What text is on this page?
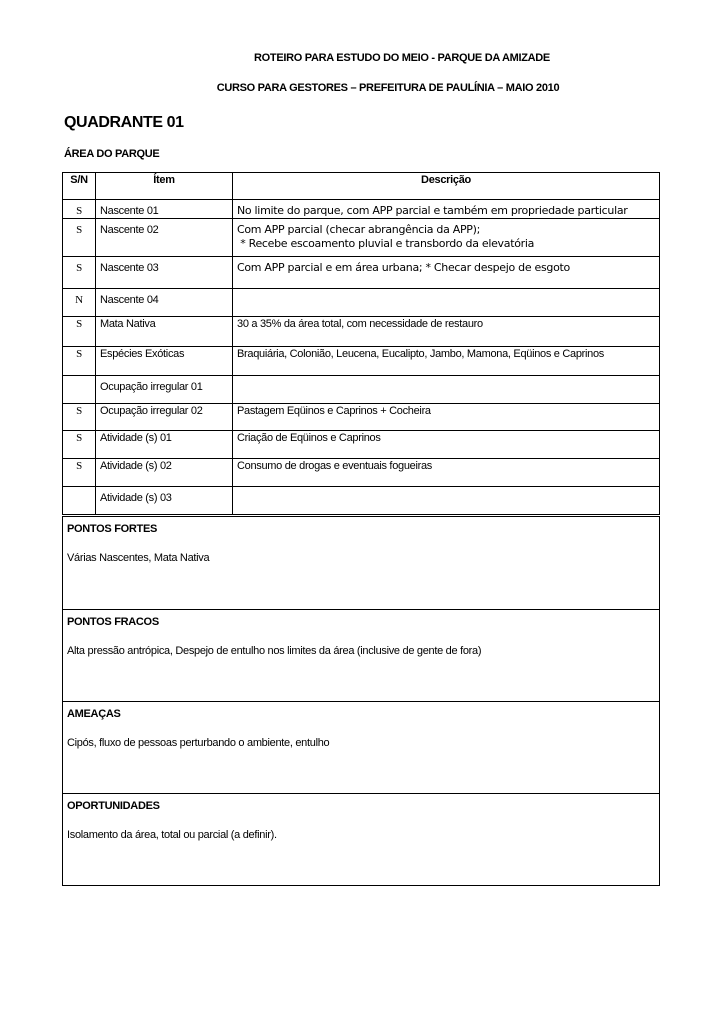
ROTEIRO PARA ESTUDO DO MEIO - PARQUE DA AMIZADE
CURSO PARA GESTORES – PREFEITURA DE PAULÍNIA – MAIO 2010
QUADRANTE 01
ÁREA DO PARQUE
S/N	Ítem	Descrição
S	Nascente 01	No limite do parque, com APP parcial e também em propriedade particular
S	Nascente 02	Com APP parcial (checar abrangência da APP);
* Recebe escoamento pluvial e transbordo da elevatória

S	Nascente 03	Com APP parcial e em área urbana; * Checar despejo de esgoto
N	Nascente 04	
S	Mata Nativa	30 a 35% da área total, com necessidade de restauro
S	Espécies Exóticas	Braquiária, Colonião, Leucena, Eucalipto, Jambo, Mamona, Eqüinos e Caprinos
	Ocupação irregular 01	
S	Ocupação irregular 02	Pastagem Eqüinos e Caprinos + Cocheira
S	Atividade (s) 01	Criação de Eqüinos e Caprinos
S	Atividade (s) 02	Consumo de drogas e eventuais fogueiras
	Atividade (s) 03	
PONTOS FORTES
Várias Nascentes, Mata Nativa
PONTOS FRACOS
Alta pressão antrópica, Despejo de entulho nos limites da área (inclusive de gente de fora)
AMEAÇAS
Cipós, fluxo de pessoas perturbando o ambiente, entulho
OPORTUNIDADES
Isolamento da área, total ou parcial (a definir).
